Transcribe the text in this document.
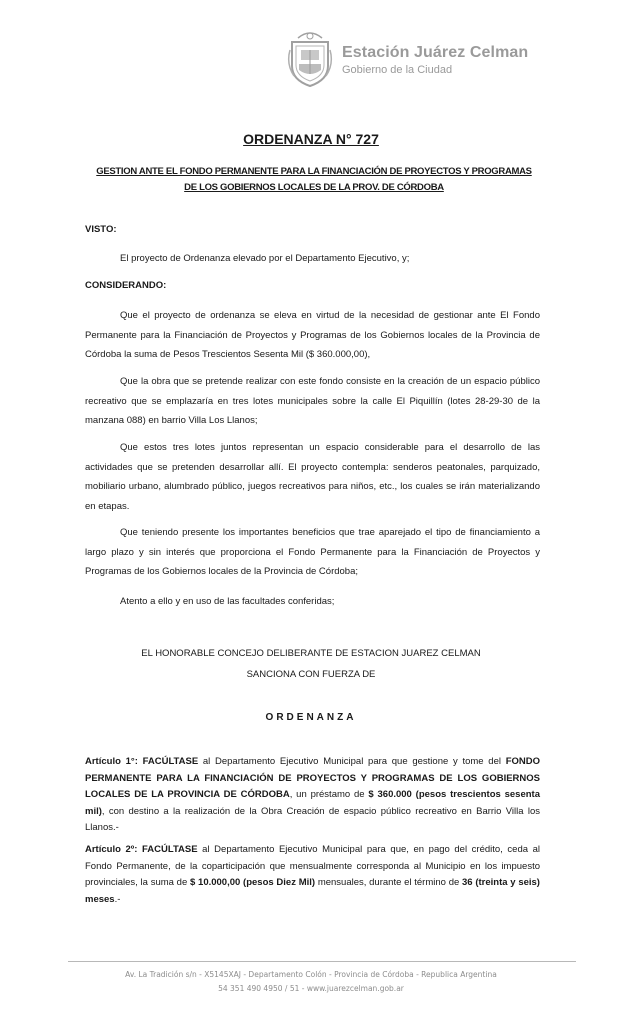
Estación Juárez Celman
Gobierno de la Ciudad
ORDENANZA N° 727
GESTION ANTE EL FONDO PERMANENTE PARA LA FINANCIACIÓN DE PROYECTOS Y PROGRAMAS
DE LOS GOBIERNOS LOCALES DE LA PROV. DE CÓRDOBA
VISTO:
El proyecto de Ordenanza elevado por el Departamento Ejecutivo, y;
CONSIDERANDO:
Que el proyecto de ordenanza se eleva en virtud de la necesidad de gestionar ante El Fondo Permanente para la Financiación de Proyectos y Programas de los Gobiernos locales de la Provincia de Córdoba la suma de Pesos Trescientos Sesenta Mil ($ 360.000,00),
Que la obra que se pretende realizar con este fondo consiste en la creación de un espacio público recreativo que se emplazaría en tres lotes municipales sobre la calle El Piquillín (lotes 28-29-30 de la manzana 088) en barrio Villa Los Llanos;
Que estos tres lotes juntos representan un espacio considerable para el desarrollo de las actividades que se pretenden desarrollar allí. El proyecto contempla: senderos peatonales, parquizado, mobiliario urbano, alumbrado público, juegos recreativos para niños, etc., los cuales se irán materializando en etapas.
Que teniendo presente los importantes beneficios que trae aparejado el tipo de financiamiento a largo plazo y sin interés que proporciona el Fondo Permanente para la Financiación de Proyectos y Programas de los Gobiernos locales de la Provincia de Córdoba;
Atento a ello y en uso de las facultades conferidas;
EL HONORABLE CONCEJO DELIBERANTE DE ESTACION JUAREZ CELMAN
SANCIONA CON FUERZA DE
ORDENANZA
Artículo 1°: FACÚLTASE al Departamento Ejecutivo Municipal para que gestione y tome del FONDO PERMANENTE PARA LA FINANCIACIÓN DE PROYECTOS Y PROGRAMAS DE LOS GOBIERNOS LOCALES DE LA PROVINCIA DE CÓRDOBA, un préstamo de $ 360.000 (pesos trescientos sesenta mil), con destino a la realización de la Obra Creación de espacio público recreativo en Barrio Villa los Llanos.-
Artículo 2º: FACÚLTASE al Departamento Ejecutivo Municipal para que, en pago del crédito, ceda al Fondo Permanente, de la coparticipación que mensualmente corresponda al Municipio en los impuesto provinciales, la suma de $ 10.000,00 (pesos Diez Mil) mensuales, durante el término de 36 (treinta y seis) meses.-
Av. La Tradición s/n - X5145XAJ - Departamento Colón - Provincia de Córdoba - Republica Argentina
54 351 490 4950 / 51 - www.juarezcelman.gob.ar
